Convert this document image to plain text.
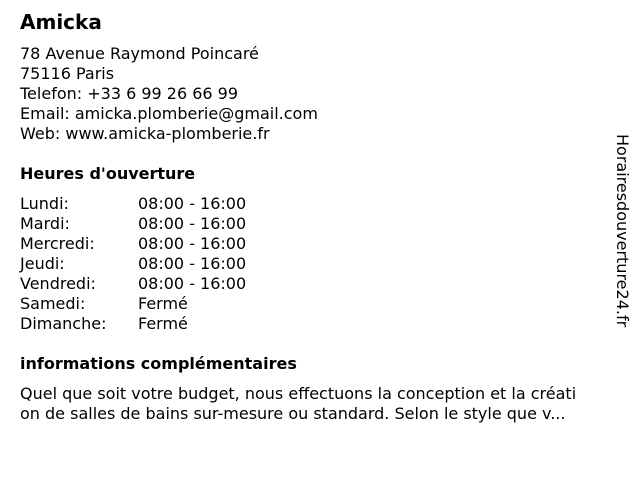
Amicka
78 Avenue Raymond Poincaré
75116 Paris
Telefon: +33 6 99 26 66 99
Email: amicka.plomberie@gmail.com
Web: www.amicka-plomberie.fr
Heures d'ouverture
Lundi:	08:00 - 16:00
Mardi:	08:00 - 16:00
Mercredi:	08:00 - 16:00
Jeudi:	08:00 - 16:00
Vendredi:	08:00 - 16:00
Samedi:	Fermé
Dimanche:	Fermé
informations complémentaires
Quel que soit votre budget, nous effectuons la conception et la créati
on de salles de bains sur-mesure ou standard. Selon le style que v...
Horairesdouverture24.fr
